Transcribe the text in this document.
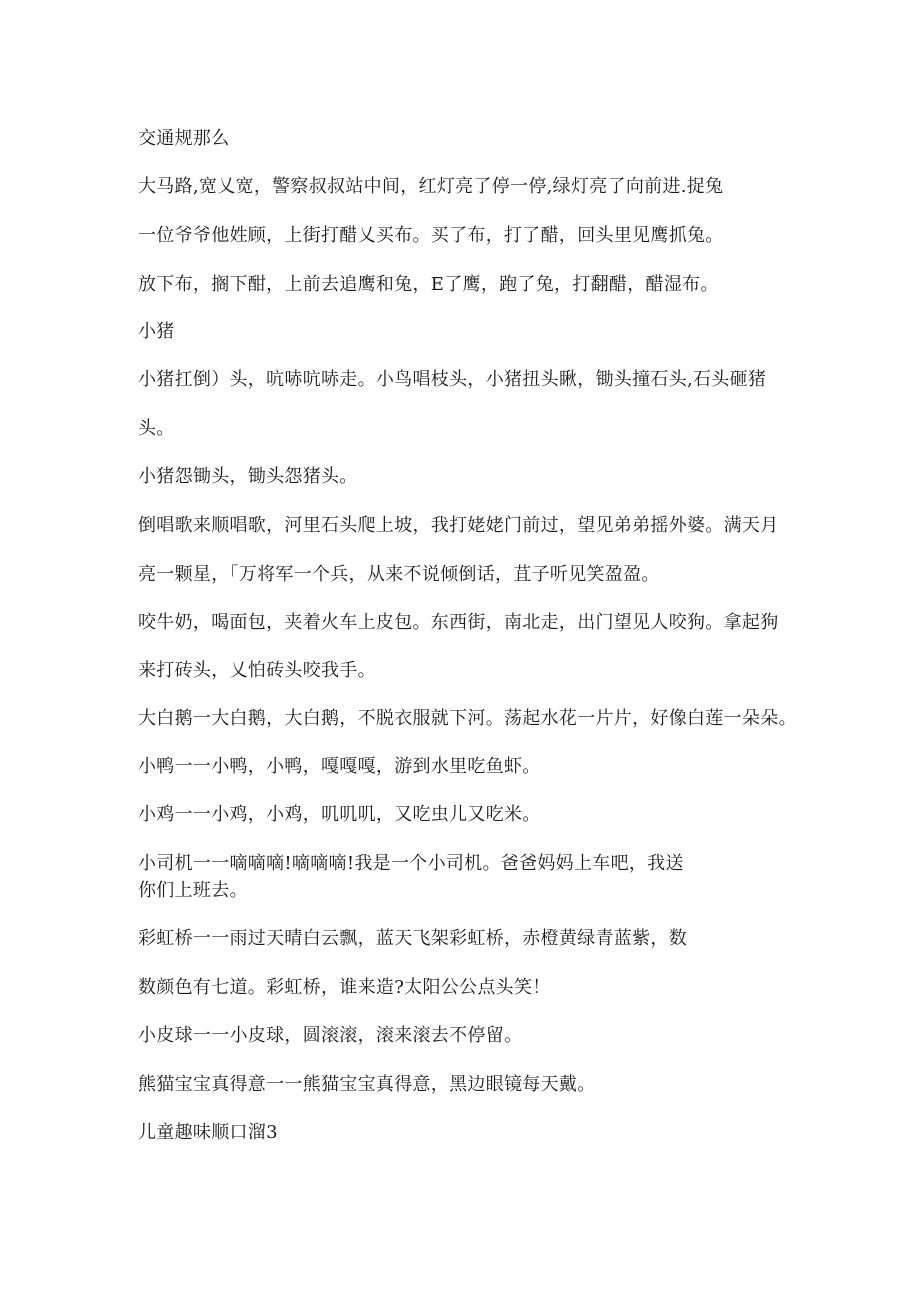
交通规那么
大马路,宽乂宽，警察叔叔站中间，红灯亮了停一停,绿灯亮了向前进.捉兔
一位爷爷他姓顾，上街打醋乂买布。买了布，打了醋，回头里见鹰抓兔。
放下布，搁下酣，上前去追鹰和兔，E了鹰，跑了兔，打翻醋，醋湿布。
小猪
小猪扛倒）头，吭哧吭哧走。小鸟唱枝头，小猪扭头瞅，锄头撞石头,石头砸猪
头。
小猪怨锄头，锄头怨猪头。
倒唱歌来顺唱歌，河里石头爬上坡，我打姥姥门前过，望见弟弟摇外婆。满天月
亮一颗星，「万将军一个兵，从来不说倾倒话，苴子听见笑盈盈。
咬牛奶，喝面包，夹着火车上皮包。东西街，南北走，出门望见人咬狗。拿起狗
来打砖头，乂怕砖头咬我手。
大白鹅一大白鹅，大白鹅，不脱衣服就下河。荡起水花一片片，好像白莲一朵朵。
小鸭一一小鸭，小鸭，嘎嘎嘎，游到水里吃鱼虾。
小鸡一一小鸡，小鸡，叽叽叽，又吃虫儿又吃米。
小司机一一嘀嘀嘀!嘀嘀嘀!我是一个小司机。爸爸妈妈上车吧，我送
你们上班去。
彩虹桥一一雨过天晴白云飘，蓝天飞架彩虹桥，赤橙黄绿青蓝紫，数
数颜色有七道。彩虹桥，谁来造?太阳公公点头笑！
小皮球一一小皮球，圆滚滚，滚来滚去不停留。
熊猫宝宝真得意一一熊猫宝宝真得意，黑边眼镜每天戴。
儿童趣味顺口溜3
